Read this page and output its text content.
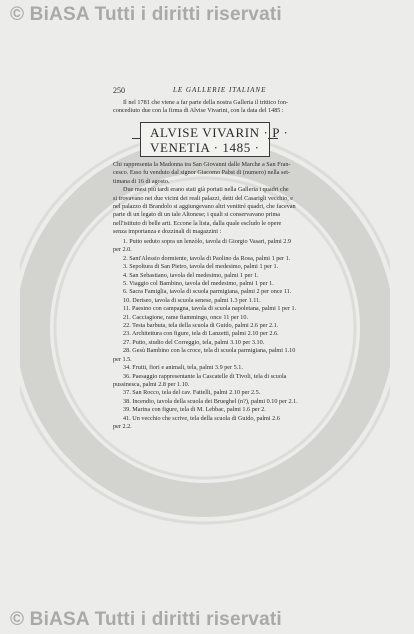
© BiASA Tutti i diritti riservati
250	LE GALLERIE ITALIANE

Il nel 1781 che viene a far parte della nostra Galleria il trittico fon-

concediuto due con la firma di Alvise Vivarini, con la data del 1485 :

ALVISE VIVARIN · P ·
VENETIA · 1485 ·

Chi rappresenta la Madonna tra San Giovanni dalle Marche a San Fran-

cesco. Esso fu venduto dal signor Giacomo Pabst di (numero) nella set-

timana di 16 di agosto.

Due mesi più tardi erano stati già portati nella Galleria i quadri che

si trovavano nei due vicini dei reali palazzi, detti del Casarigli vecchio, e

nel palazzo di Brandolo si aggiungevano altri ventitré quadri, che facevan

parte di un legato di un tale Altonese; i quali si conservavano prima

nell'istituto di belle arti. Eccone la lista, dalla quale escludo le opere

senza importanza e dozzinali di magazzini :

1. Putto seduto sopra un lenzòlo, tavola di Giorgio Vasari, palmi 2.9

per 2.0.

2. Sant'Alessio dormiente, tavola di Paolino da Rosa, palmi 1 per 1.

3. Sepoltura di San Pietro, tavola del medesimo, palmi 1 per 1.

4. San Sebastiano, tavola del medesimo, palmi 1 per 1.

5. Viaggio col Bambino, tavola del medesimo, palmi 1 per 1.

6. Sacra Famiglia, tavola di scuola parmigiana, palmi 2 per once 11.

10. Deriseo, tavola di scuola senese, palmi 1.3 per 1.11.

11. Paesino con campagna, tavola di scuola napoletana, palmi 1 per 1.

21. Cacciagione, rame fiammingo, once 11 per 10.

22. Testa barbuta, tela della scuola di Guido, palmi 2.6 per 2.1.

23. Architettura con figure, tela di Lanzetti, palmi 2.10 per 2.6.

27. Putto, studio del Correggio, tela, palmi 3.10 per 3.10.

28. Gesù Bambino con la croce, tela di scuola parmigiana, palmi 1.10

per 1.5.

34. Frutti, fiori e animali, tela, palmi 3.9 per 5.1.

36. Paesaggio rappresentante la Cascatelle di Tivoli, tela di scuola

pussinesca, palmi 2.8 per 1.10.

37. San Rocco, tela del cav. Fattelli, palmi 2.10 per 2.5.

38. Incendio, tavola della scuola dei Brueghel (n?), palmi 0.10 per 2.1.

39. Marina con figure, tela di M. Lebbac, palmi 1.6 per 2.

41. Un vecchio che scrive, tela della scuola di Guido, palmi 2.6

per 2.2.

© BiASA Tutti i diritti riservati
